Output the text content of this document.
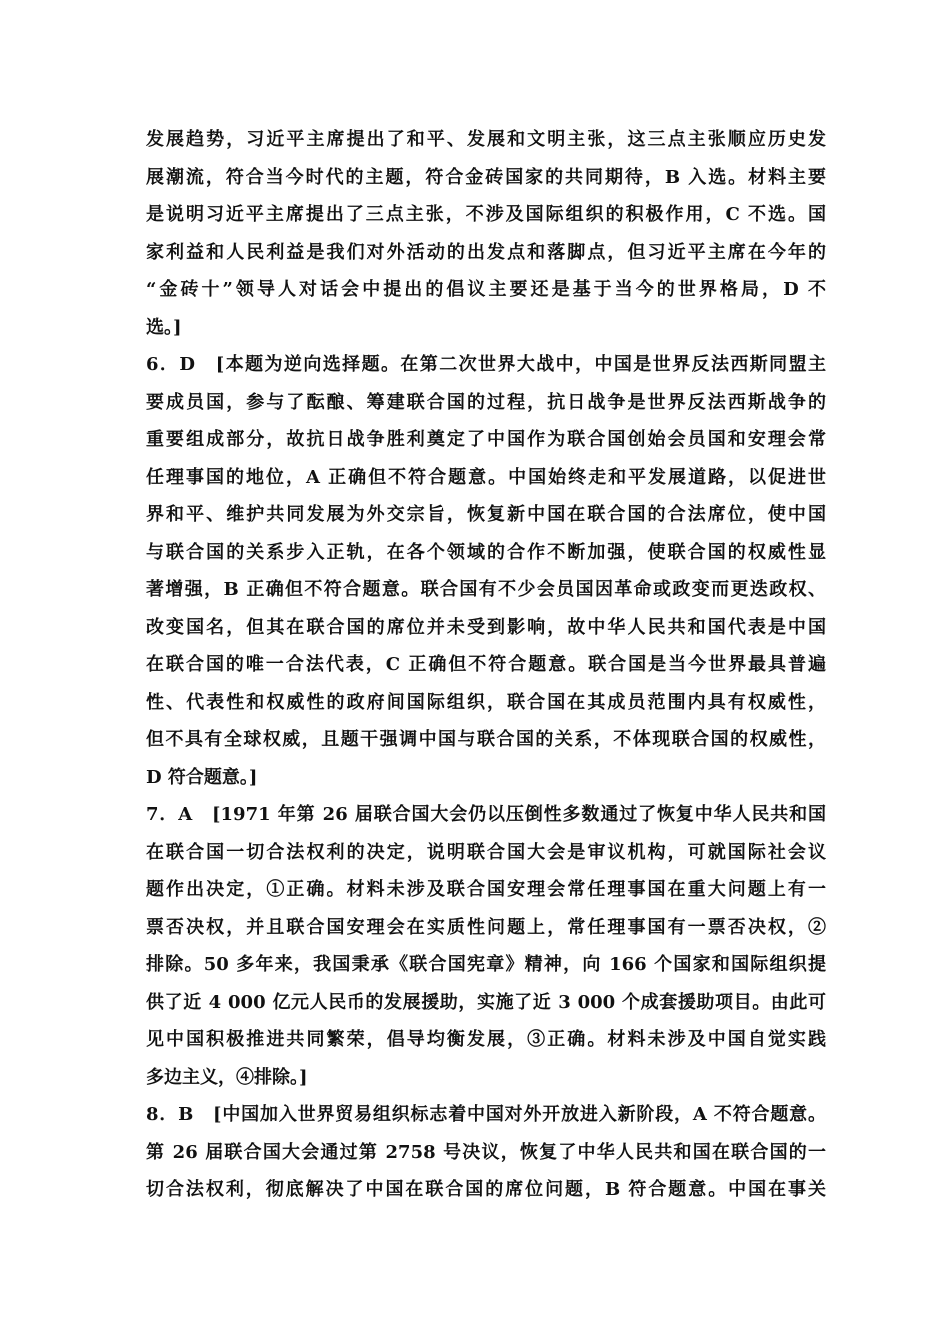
发展趋势，习近平主席提出了和平、发展和文明主张，这三点主张顺应历史发
展潮流，符合当今时代的主题，符合金砖国家的共同期待，B 入选。材料主要
是说明习近平主席提出了三点主张，不涉及国际组织的积极作用，C 不选。国
家利益和人民利益是我们对外活动的出发点和落脚点，但习近平主席在今年的
“金砖十”领导人对话会中提出的倡议主要还是基于当今的世界格局，D 不
选。]
6．D　[本题为逆向选择题。在第二次世界大战中，中国是世界反法西斯同盟主
要成员国，参与了酝酿、筹建联合国的过程，抗日战争是世界反法西斯战争的
重要组成部分，故抗日战争胜利奠定了中国作为联合国创始会员国和安理会常
任理事国的地位，A 正确但不符合题意。中国始终走和平发展道路，以促进世
界和平、维护共同发展为外交宗旨，恢复新中国在联合国的合法席位，使中国
与联合国的关系步入正轨，在各个领域的合作不断加强，使联合国的权威性显
著增强，B 正确但不符合题意。联合国有不少会员国因革命或政变而更迭政权、
改变国名，但其在联合国的席位并未受到影响，故中华人民共和国代表是中国
在联合国的唯一合法代表，C 正确但不符合题意。联合国是当今世界最具普遍
性、代表性和权威性的政府间国际组织，联合国在其成员范围内具有权威性，
但不具有全球权威，且题干强调中国与联合国的关系，不体现联合国的权威性，
D 符合题意。]
7．A　[1971 年第 26 届联合国大会仍以压倒性多数通过了恢复中华人民共和国
在联合国一切合法权利的决定，说明联合国大会是审议机构，可就国际社会议
题作出决定，①正确。材料未涉及联合国安理会常任理事国在重大问题上有一
票否决权，并且联合国安理会在实质性问题上，常任理事国有一票否决权，②
排除。50 多年来，我国秉承《联合国宪章》精神，向 166 个国家和国际组织提
供了近 4 000 亿元人民币的发展援助，实施了近 3 000 个成套援助项目。由此可
见中国积极推进共同繁荣，倡导均衡发展，③正确。材料未涉及中国自觉实践
多边主义，④排除。]
8．B　[中国加入世界贸易组织标志着中国对外开放进入新阶段，A 不符合题意。
第 26 届联合国大会通过第 2758 号决议，恢复了中华人民共和国在联合国的一
切合法权利，彻底解决了中国在联合国的席位问题，B 符合题意。中国在事关
